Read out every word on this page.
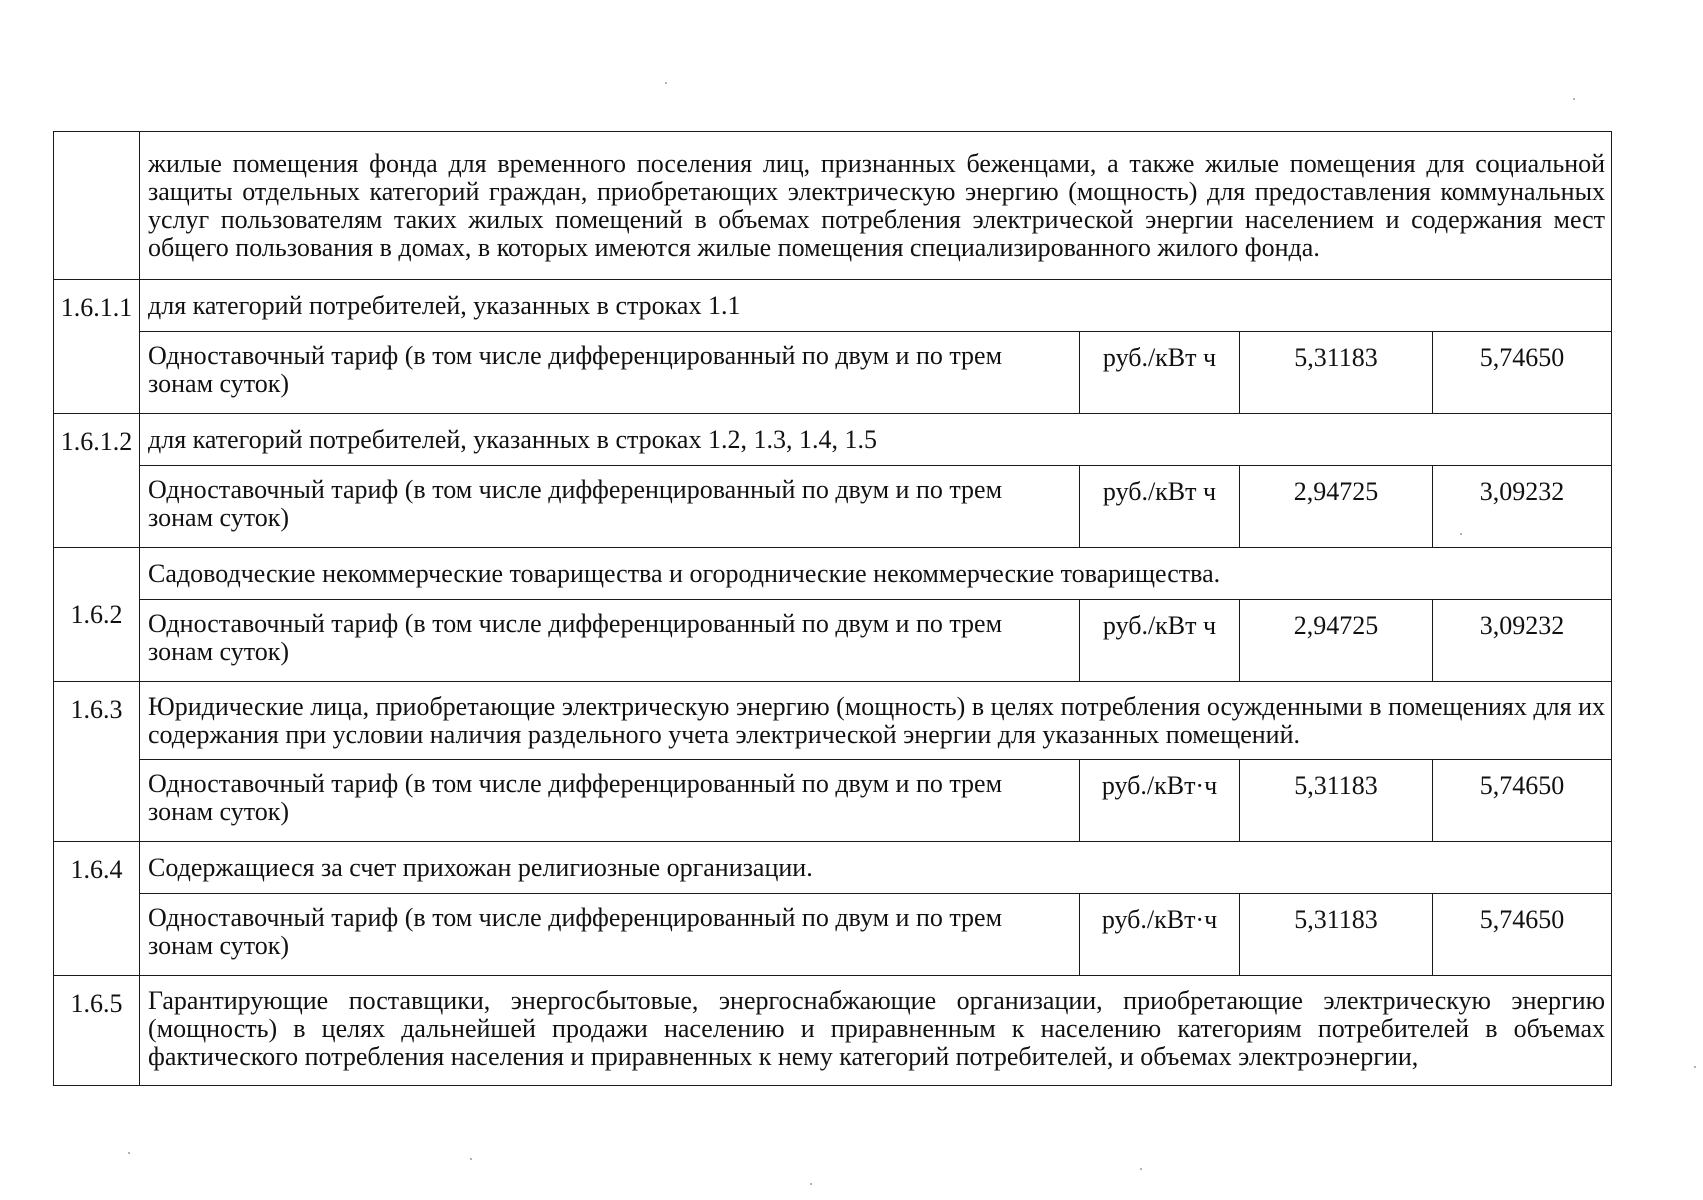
	жилые помещения фонда для временного поселения лиц, признанных беженцами, а также жилые помещения для социальной защиты отдельных категорий граждан, приобретающих электрическую энергию (мощность) для предоставления коммунальных услуг пользователям таких жилых помещений в объемах потребления электрической энергии населением и содержания мест общего пользования в домах, в которых имеются жилые помещения специализированного жилого фонда.			
1.6.1.1	для категорий потребителей, указанных в строках 1.1			
	Одноставочный тариф (в том числе дифференцированный по двум и по трем зонам суток)	руб./кВт ч	5,31183	5,74650
1.6.1.2	для категорий потребителей, указанных в строках 1.2, 1.3, 1.4, 1.5			
	Одноставочный тариф (в том числе дифференцированный по двум и по трем зонам суток)	руб./кВт ч	2,94725	3,09232
1.6.2	Садоводческие некоммерческие товарищества и огороднические некоммерческие товарищества.			
	Одноставочный тариф (в том числе дифференцированный по двум и по трем зонам суток)	руб./кВт ч	2,94725	3,09232
1.6.3	Юридические лица, приобретающие электрическую энергию (мощность) в целях потребления осужденными в помещениях для их содержания при условии наличия раздельного учета электрической энергии для указанных помещений.			
	Одноставочный тариф (в том числе дифференцированный по двум и по трем зонам суток)	руб./кВт·ч	5,31183	5,74650
1.6.4	Содержащиеся за счет прихожан религиозные организации.			
	Одноставочный тариф (в том числе дифференцированный по двум и по трем зонам суток)	руб./кВт·ч	5,31183	5,74650
1.6.5	Гарантирующие поставщики, энергосбытовые, энергоснабжающие организации, приобретающие электрическую энергию (мощность) в целях дальнейшей продажи населению и приравненным к населению категориям потребителей в объемах фактического потребления населения и приравненных к нему категорий потребителей, и объемах электроэнергии,			
